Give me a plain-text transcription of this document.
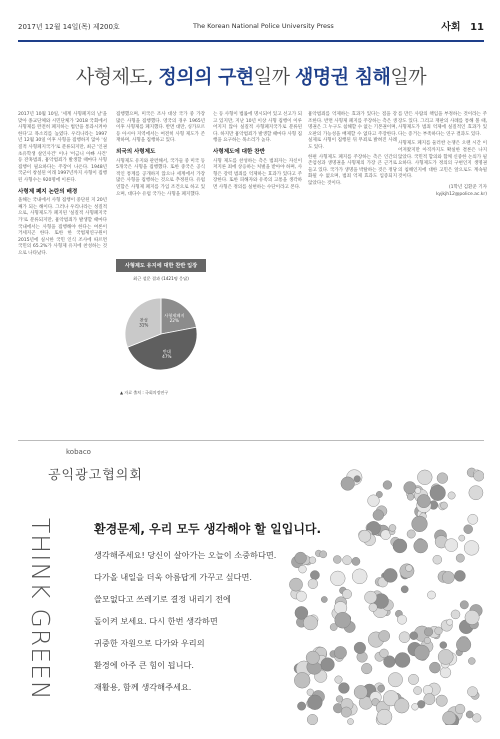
2017년 12월 14일(목) 제200호	The Korean National Police University Press	사회 11
사형제도, 정의의 구현일까 생명권 침해일까

2017년 10월 10일, '세계 사형폐지의 날'을 맞아 종교단체와 시민단체가 '2018 국회에서 사형제를 완전히 폐지하는 법안을 통과시켜야 한다'고 목소리를 높였다. 우리나라는 1997년 12월 30일 이후 사형을 집행하지 않아 '실질적 사형폐지국가'로 분류되지만, 최근 '인권 초유학생 살인사건' 이나 '어금니 아빠 사건' 등 잔혹범죄, 흉악범죄가 발생할 때마다 사형 집행이 필요하다는 주장이 나온다. 1948년 국군이 창설된 이래 1997년까지 사형이 집행된 사형수는 920명에 이른다.

사형제 폐지 논란의 배경

올해는 국내에서 사형 집행이 중단된 지 20년째가 되는 해이다. 그러나 우리나라는 성질적으로, 사형제도가 폐지된 '실질적 사형폐지국가'로 분류되지만, 흉악범죄가 발생할 때마다 국내에서는 사형을 집행해야 한다는 여론이 거세지곤 한다. 또한 한 국법제연구원이 2015년에 실시한 국민 인식 조사에 따르면 국민의 65.2%가 사형제 유지에 찬성하는 것으로 나타났다.

집행했으며, 미국은 조사 대상 국가 중 가장 많은 사형을 집행했다. 영국의 경우 1965년 이후 사형제를 폐지했다. 반면 대만, 싱가포르 등 아시아 지역에서는 여전히 사형 제도가 존재하며, 사형을 집행하고 있다.

외국의 사형제도

사형제도 유지와 관련해서, 국가들 중 미국 등 5개국은 사형을 집행했다. 또한 중국은 공식적인 통계를 공개하지 않으나 세계에서 가장 많은 사형을 집행하는 것으로 추정된다. 유럽 연합은 사형제 폐지를 가입 조건으로 하고 있으며, 대다수 유럽 국가는 사형을 폐지했다.

사형제도 유지에 대한 찬반 입장
최근 설문 결과 (1421명 응답)
사형제폐지
22%
반대
47%
찬성
31%
▲ 자료 출처 : 국회의정연구

는 등 사형이 법률에 명시되어 있고 선고가 되고 있지만, 지난 10년 이상 사형 집행이 이루어지지 않아 실질적 사형폐지국가로 분류된다. 하지만 흉악범죄가 발생할 때마다 사형 집행을 요구하는 목소리가 높다.

사형제도에 대한 찬반

사형 제도를 찬성하는 측은 범죄자는 자신이 저지른 죄에 상응하는 처벌을 받아야 하며, 사형은 강력 범죄를 억제하는 효과가 있다고 주장한다. 또한 피해자와 유족의 고통을 생각하면 사형은 정의를 실현하는 수단이라고 본다.

흉악범죄를 억제하는 효과가 있다는 점을 강조한다. 반면 사형제 폐지를 주장하는 측은 생명권은 그 누구도 침해할 수 없는 기본권이며, 오판의 가능성을 배제할 수 없다고 주장한다. 실제로 사형이 집행된 뒤 무죄로 밝혀진 사례도 있다.

한편 사형제도 폐지를 주장하는 측은 인간의 존엄성과 생명권을 사형제의 가장 큰 근거로 들고 있다. 국가가 생명을 박탈하는 것은 정당화될 수 없으며, 범죄 억제 효과도 입증되지 않았다는 것이다.

를 만든 사람의 책임을 부정하는 것이라는 주장도 있다. 그리고 재판의 사례를 통해 볼 때, 사형제도가 범죄 억제에 실질적인 효과가 있다는 증거는 부족하다는 연구 결과도 있다.

사형제도 폐지를 둘러싼 논쟁은 오랜 시간 이어져왔지만 아직까지도 확실한 결론은 나지 않았다. 국민적 합의와 함께 신중한 논의가 필요하다. 사형제도가 정의의 구현인지 생명권의 침해인지에 대한 고민은 앞으로도 계속될 것이다.

(1학년 김환준 기자
kyjkjh12@police.ac.kr)

kobaco
공익광고협의회
THINK GREEN	환경문제, 우리 모두 생각해야 할 일입니다.
생각해주세요! 당신이 살아가는 오늘이 소중하다면.
다가올 내일을 더욱 아름답게 가꾸고 싶다면.
쓸모없다고 쓰레기로 결정 내리기 전에
돌이켜 보세요. 다시 한번 생각하면
귀중한 자원으로 다가와 우리의
환경에 아주 큰 힘이 됩니다.
재활용, 함께 생각해주세요.
